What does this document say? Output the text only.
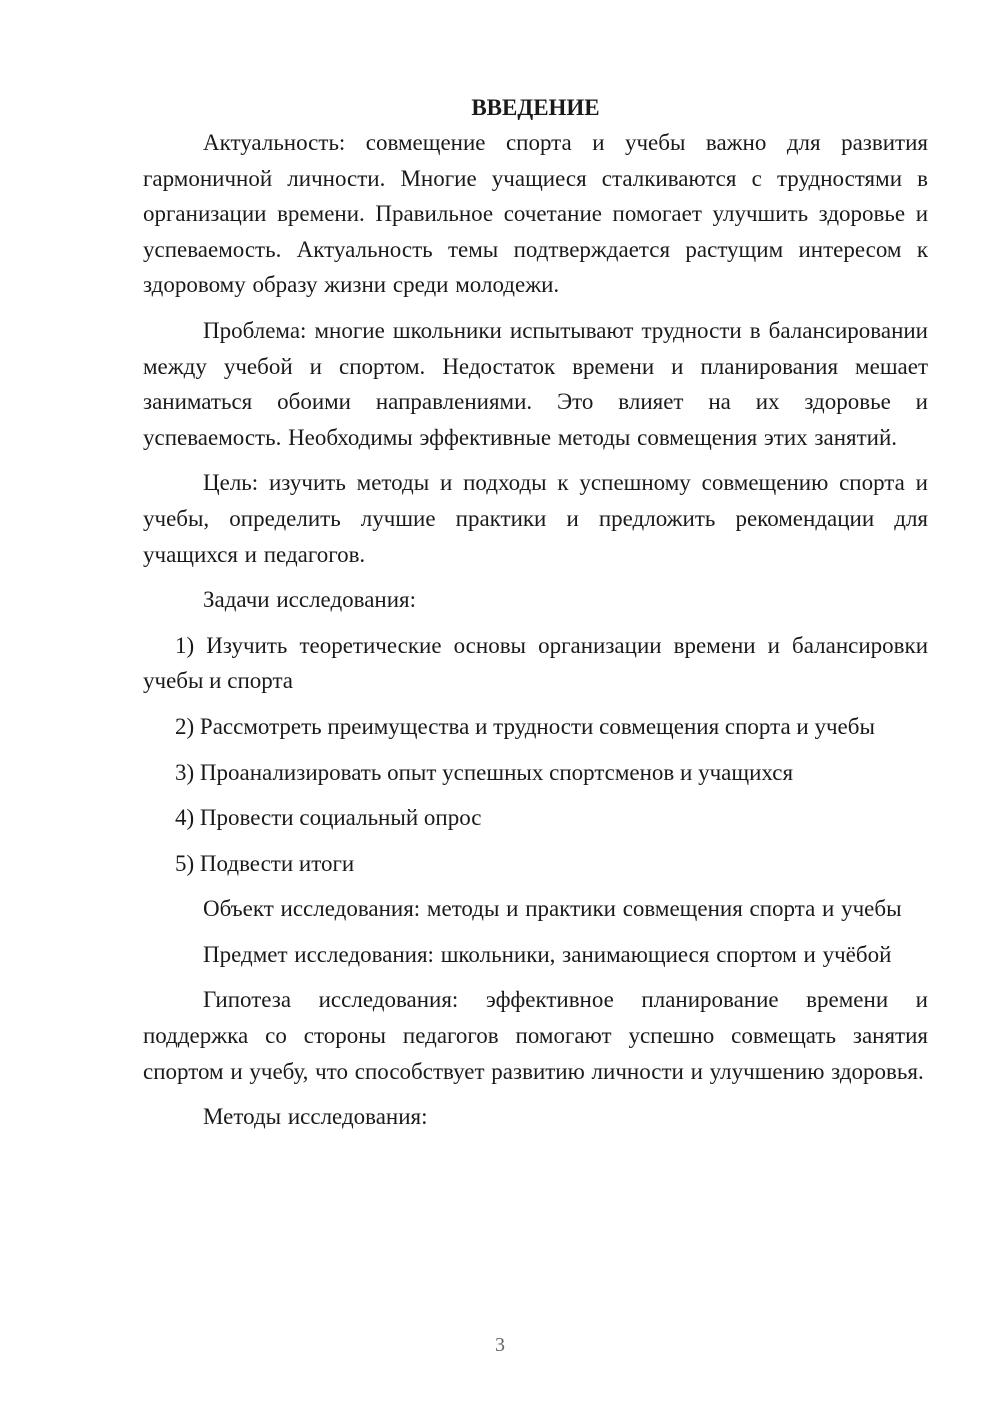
ВВЕДЕНИЕ

Актуальность: совмещение спорта и учебы важно для развития гармоничной личности. Многие учащиеся сталкиваются с трудностями в организации времени. Правильное сочетание помогает улучшить здоровье и успеваемость. Актуальность темы подтверждается растущим интересом к здоровому образу жизни среди молодежи.

Проблема: многие школьники испытывают трудности в балансировании между учебой и спортом. Недостаток времени и планирования мешает заниматься обоими направлениями. Это влияет на их здоровье и успеваемость. Необходимы эффективные методы совмещения этих занятий.

Цель: изучить методы и подходы к успешному совмещению спорта и учебы, определить лучшие практики и предложить рекомендации для учащихся и педагогов.

Задачи исследования:

1) Изучить теоретические основы организации времени и балансировки учебы и спорта

2) Рассмотреть преимущества и трудности совмещения спорта и учебы

3) Проанализировать опыт успешных спортсменов и учащихся

4) Провести социальный опрос

5) Подвести итоги

Объект исследования: методы и практики совмещения спорта и учебы

Предмет исследования: школьники, занимающиеся спортом и учёбой

Гипотеза исследования: эффективное планирование времени и поддержка со стороны педагогов помогают успешно совмещать занятия спортом и учебу, что способствует развитию личности и улучшению здоровья.

Методы исследования:

3
